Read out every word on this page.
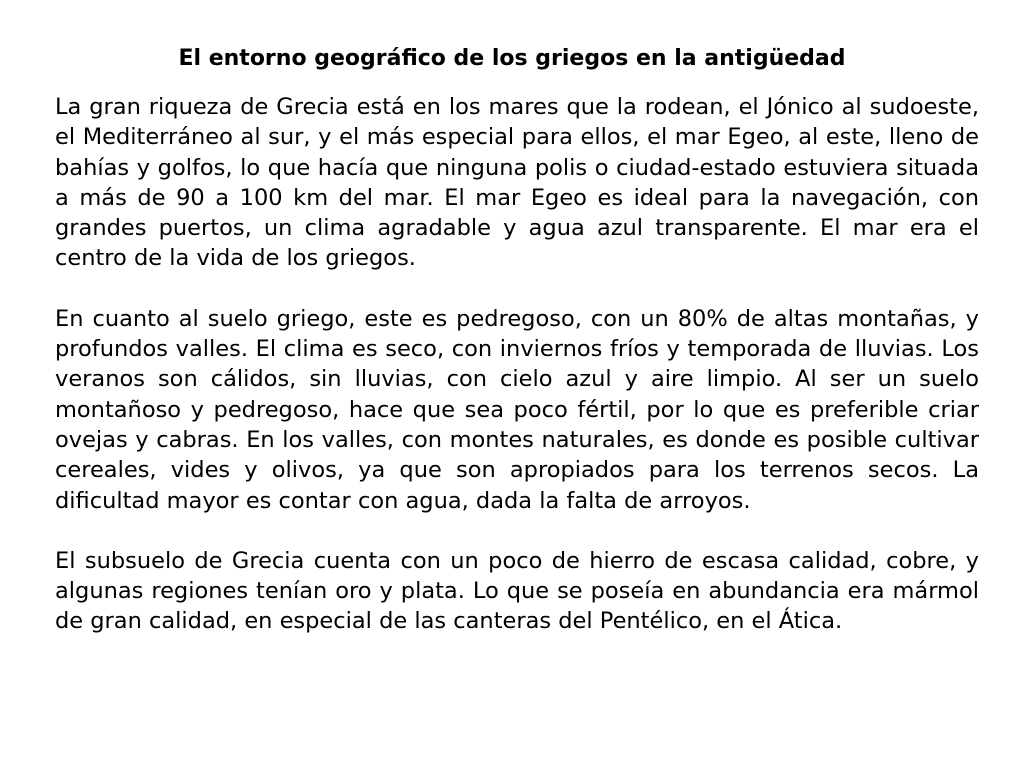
El entorno geográfico de los griegos en la antigüedad

La gran riqueza de Grecia está en los mares que la rodean, el Jónico al sudoeste, el Mediterráneo al sur, y el más especial para ellos, el mar Egeo, al este, lleno de bahías y golfos, lo que hacía que ninguna polis o ciudad-estado estuviera situada a más de 90 a 100 km del mar. El mar Egeo es ideal para la navegación, con grandes puertos, un clima agradable y agua azul transparente. El mar era el centro de la vida de los griegos.

En cuanto al suelo griego, este es pedregoso, con un 80% de altas montañas, y profundos valles. El clima es seco, con inviernos fríos y temporada de lluvias. Los veranos son cálidos, sin lluvias, con cielo azul y aire limpio. Al ser un suelo montañoso y pedregoso, hace que sea poco fértil, por lo que es preferible criar ovejas y cabras. En los valles, con montes naturales, es donde es posible cultivar cereales, vides y olivos, ya que son apropiados para los terrenos secos. La dificultad mayor es contar con agua, dada la falta de arroyos.

El subsuelo de Grecia cuenta con un poco de hierro de escasa calidad, cobre, y algunas regiones tenían oro y plata. Lo que se poseía en abundancia era mármol de gran calidad, en especial de las canteras del Pentélico, en el Ática.
